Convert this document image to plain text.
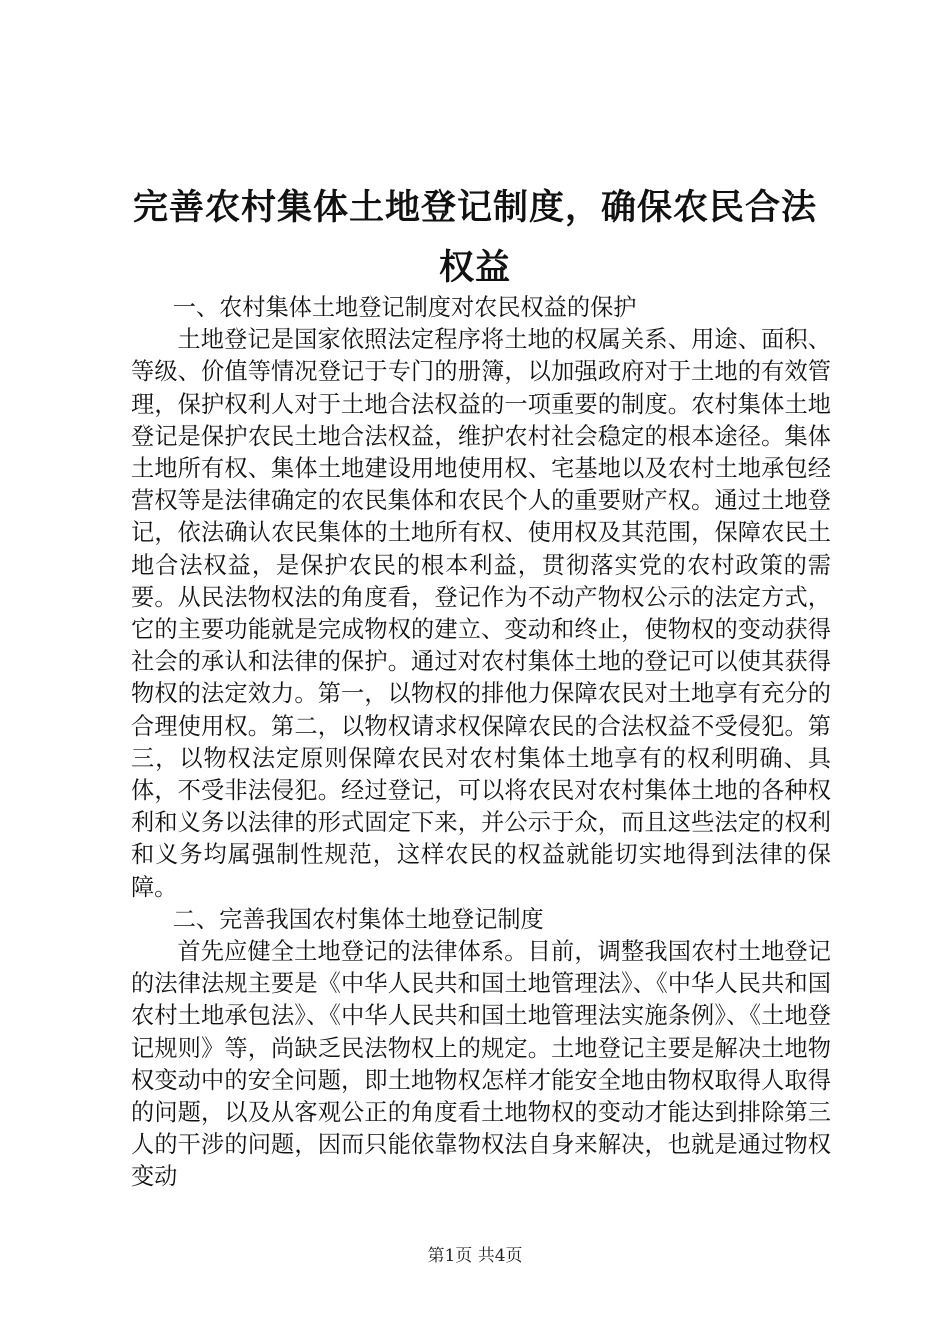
完善农村集体土地登记制度，确保农民合法权益

一、农村集体土地登记制度对农民权益的保护

土地登记是国家依照法定程序将土地的权属关系、用途、面积、等级、价值等情况登记于专门的册簿，以加强政府对于土地的有效管理，保护权利人对于土地合法权益的一项重要的制度。农村集体土地登记是保护农民土地合法权益，维护农村社会稳定的根本途径。集体土地所有权、集体土地建设用地使用权、宅基地以及农村土地承包经营权等是法律确定的农民集体和农民个人的重要财产权。通过土地登记，依法确认农民集体的土地所有权、使用权及其范围，保障农民土地合法权益，是保护农民的根本利益，贯彻落实党的农村政策的需要。从民法物权法的角度看，登记作为不动产物权公示的法定方式，它的主要功能就是完成物权的建立、变动和终止，使物权的变动获得社会的承认和法律的保护。通过对农村集体土地的登记可以使其获得物权的法定效力。第一，以物权的排他力保障农民对土地享有充分的合理使用权。第二，以物权请求权保障农民的合法权益不受侵犯。第三，以物权法定原则保障农民对农村集体土地享有的权利明确、具体，不受非法侵犯。经过登记，可以将农民对农村集体土地的各种权利和义务以法律的形式固定下来，并公示于众，而且这些法定的权利和义务均属强制性规范，这样农民的权益就能切实地得到法律的保障。

二、完善我国农村集体土地登记制度

首先应健全土地登记的法律体系。目前，调整我国农村土地登记的法律法规主要是《中华人民共和国土地管理法》、《中华人民共和国农村土地承包法》、《中华人民共和国土地管理法实施条例》、《土地登记规则》等，尚缺乏民法物权上的规定。土地登记主要是解决土地物权变动中的安全问题，即土地物权怎样才能安全地由物权取得人取得的问题，以及从客观公正的角度看土地物权的变动才能达到排除第三人的干涉的问题，因而只能依靠物权法自身来解决，也就是通过物权变动

第1页 共4页
